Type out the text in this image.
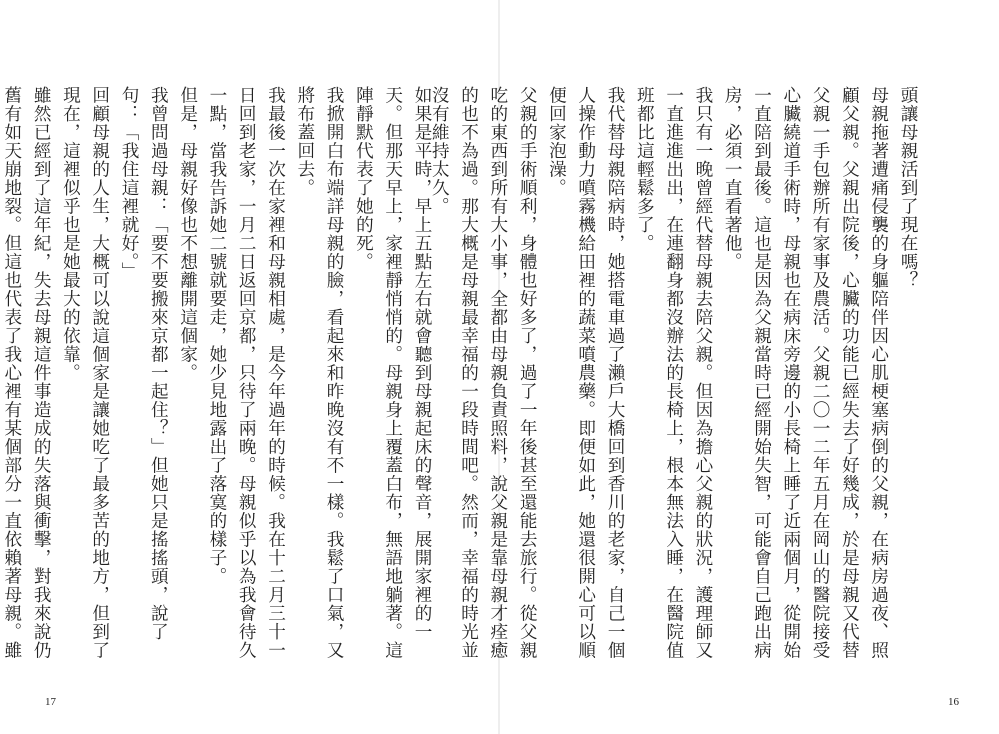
如果是平時，早上五點左右就會聽到母親起床的聲音，展開家裡的一天。但那天早上，家裡靜悄悄的。母親身上覆蓋白布，無語地躺著。這陣靜默代表了她的死。

我掀開白布端詳母親的臉，看起來和昨晚沒有不一樣。我鬆了口氣，又將布蓋回去。

我最後一次在家裡和母親相處，是今年過年的時候。我在十二月三十一日回到老家，一月二日返回京都，只待了兩晚。母親似乎以為我會待久一點，當我告訴她二號就要走，她少見地露出了落寞的樣子。

但是，母親好像也不想離開這個家。

我曾問過母親：「要不要搬來京都一起住？」但她只是搖搖頭，說了句：「我住這裡就好。」

回顧母親的人生，大概可以說這個家是讓她吃了最多苦的地方，但到了現在，這裡似乎也是她最大的依靠。

雖然已經到了這年紀，失去母親這件事造成的失落與衝擊，對我來說仍舊有如天崩地裂。但這也代表了我心裡有某個部分一直依賴著母親。雖

17

頭讓母親活到了現在嗎？

母親拖著遭痛侵襲的身軀陪伴因心肌梗塞病倒的父親，在病房過夜、照顧父親。父親出院後，心臟的功能已經失去了好幾成，於是母親又代替父親一手包辦所有家事及農活。父親二〇一二年五月在岡山的醫院接受心臟繞道手術時，母親也在病床旁邊的小長椅上睡了近兩個月，從開始一直陪到最後。這也是因為父親當時已經開始失智，可能會自己跑出病房，必須一直看著他。

我只有一晚曾經代替母親去陪父親。但因為擔心父親的狀況，護理師又一直進進出出，在連翻身都沒辦法的長椅上，根本無法入睡，在醫院值班都比這輕鬆多了。

我代替母親陪病時，她搭電車過了瀨戶大橋回到香川的老家，自己一個人操作動力噴霧機給田裡的蔬菜噴農藥。即便如此，她還很開心可以順便回家泡澡。

父親的手術順利，身體也好多了，過了一年後甚至還能去旅行。從父親吃的東西到所有大小事，全都由母親負責照料，說父親是靠母親才痊癒的也不為過。那大概是母親最幸福的一段時間吧。然而，幸福的時光並沒有維持太久。

16
